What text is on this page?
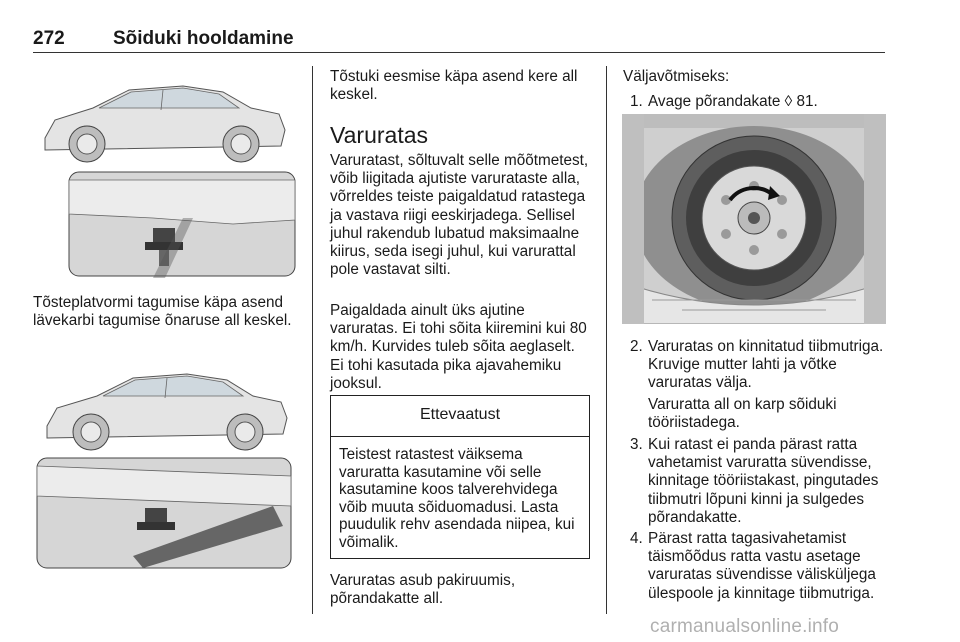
272	Sõiduki hooldamine

Tõsteplatvormi tagumise käpa asend lävekarbi tagumise õnaruse all keskel.

Tõstuki eesmise käpa asend kere all keskel.

Varuratas

Varuratast, sõltuvalt selle mõõtmetest, võib liigitada ajutiste varurataste alla, võrreldes teiste paigaldatud ratastega ja vastava riigi eeskirjadega. Sellisel juhul rakendub lubatud maksimaalne kiirus, seda isegi juhul, kui varurattal pole vastavat silti.

Paigaldada ainult üks ajutine varuratas. Ei tohi sõita kiiremini kui 80 km/h. Kurvides tuleb sõita aeglaselt. Ei tohi kasutada pika ajavahemiku jooksul.

Ettevaatust

Teistest ratastest väiksema varuratta kasutamine või selle kasutamine koos talverehvidega võib muuta sõiduomadusi. Lasta puudulik rehv asendada niipea, kui võimalik.

Varuratas asub pakiruumis, põrandakatte all.

Väljavõtmiseks:

1. Avage põrandakate ◊ 81.
2. Varuratas on kinnitatud tiibmutriga. Kruvige mutter lahti ja võtke varuratas välja.

Varuratta all on karp sõiduki tööriistadega.

3. Kui ratast ei panda pärast ratta vahetamist varuratta süvendisse, kinnitage tööriistakast, pingutades tiibmutri lõpuni kinni ja sulgedes põrandakatte.

4. Pärast ratta tagasivahetamist täismõõdus ratta vastu asetage varuratas süvendisse väliskülјega ülespoole ja kinnitage tiibmutriga.

carmanualsonline.info
